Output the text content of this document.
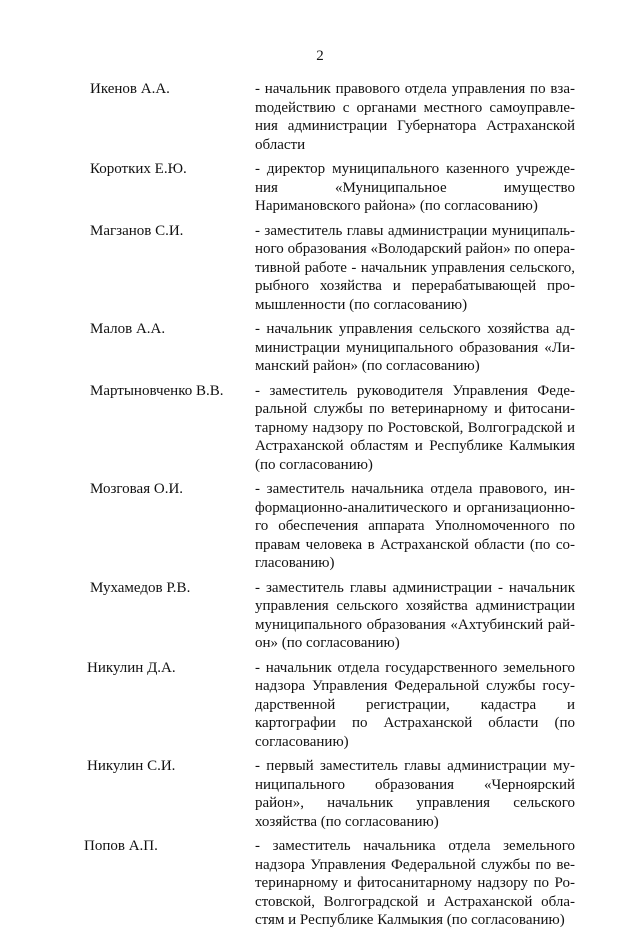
2
Икенов А.А.	- начальник правового отдела управления по взаmодействию с органами местного самоуправления администрации Губернатора Астраханской области
Коротких Е.Ю.	- директор муниципального казенного учреждения «Муниципальное имущество Наримановского района» (по согласованию)
Магзанов С.И.	- заместитель главы администрации муниципального образования «Володарский район» по оперативной работе - начальник управления сельского, рыбного хозяйства и перерабатывающей промышленности (по согласованию)
Малов А.А.	- начальник управления сельского хозяйства администрации муниципального образования «Лиманский район» (по согласованию)
Мартыновченко В.В. - заместитель руководителя Управления Федеральной службы по ветеринарному и фитосанитарному надзору по Ростовской, Волгоградской и Астраханской областям и Республике Калмыкия (по согласованию)
Мозговая О.И.	- заместитель начальника отдела правового, информационно-аналитического и организационного обеспечения аппарата Уполномоченного по правам человека в Астраханской области (по согласованию)
Мухамедов Р.В.	- заместитель главы администрации - начальник управления сельского хозяйства администрации муниципального образования «Ахтубинский район» (по согласованию)
Никулин Д.А.	- начальник отдела государственного земельного надзора Управления Федеральной службы государственной регистрации, кадастра и картографии по Астраханской области (по согласованию)
Никулин С.И.	- первый заместитель главы администрации муниципального образования «Черноярский район», начальник управления сельского хозяйства (по согласованию)
Попов А.П.	- заместитель начальника отдела земельного надзора Управления Федеральной службы по ветеринарному и фитосанитарному надзору по Ростовской, Волгоградской и Астраханской областям и Республике Калмыкия (по согласованию)
